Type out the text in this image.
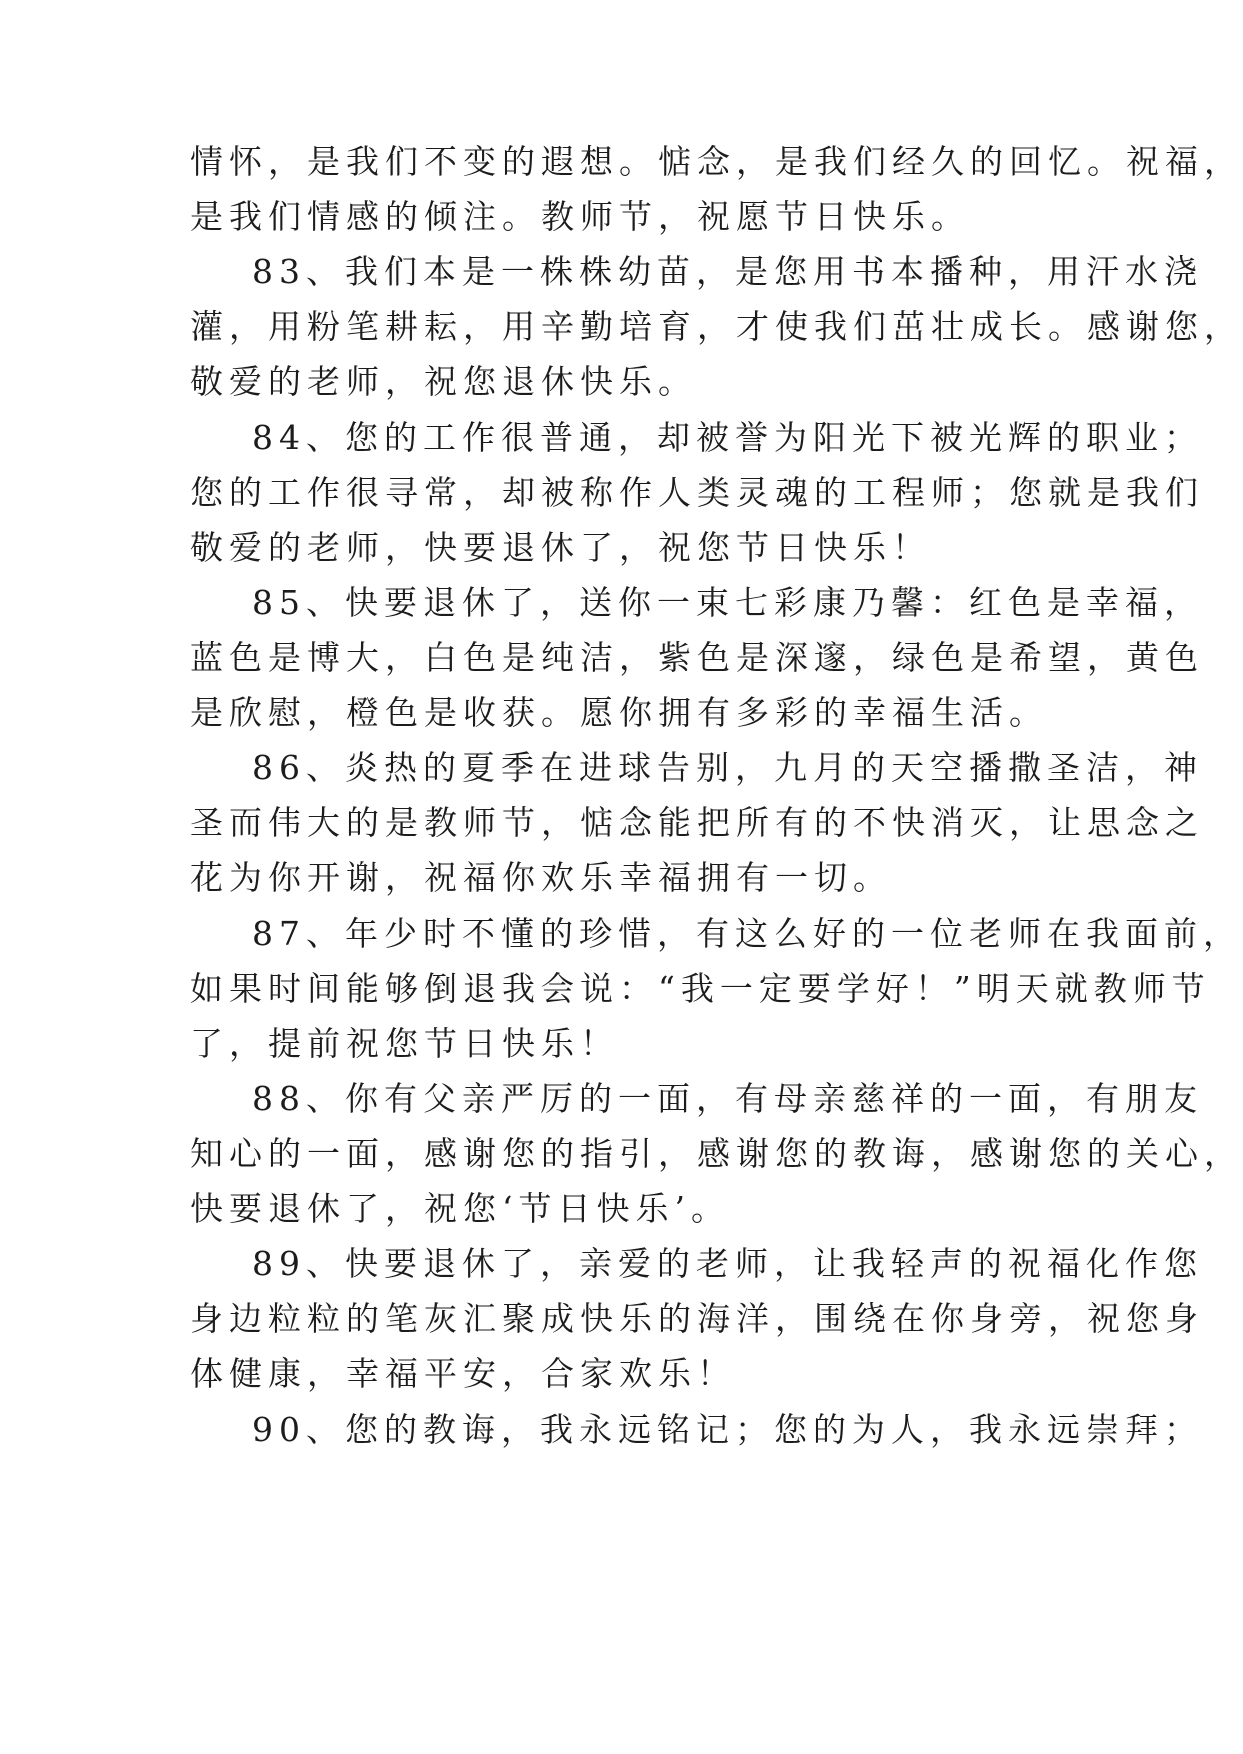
情怀，是我们不变的遐想。惦念，是我们经久的回忆。祝福，
是我们情感的倾注。教师节，祝愿节日快乐。
83、我们本是一株株幼苗，是您用书本播种，用汗水浇
灌，用粉笔耕耘，用辛勤培育，才使我们茁壮成长。感谢您，
敬爱的老师，祝您退休快乐。
84、您的工作很普通，却被誉为阳光下被光辉的职业；
您的工作很寻常，却被称作人类灵魂的工程师；您就是我们
敬爱的老师，快要退休了，祝您节日快乐！
85、快要退休了，送你一束七彩康乃馨：红色是幸福，
蓝色是博大，白色是纯洁，紫色是深邃，绿色是希望，黄色
是欣慰，橙色是收获。愿你拥有多彩的幸福生活。
86、炎热的夏季在进球告别，九月的天空播撒圣洁，神
圣而伟大的是教师节，惦念能把所有的不快消灭，让思念之
花为你开谢，祝福你欢乐幸福拥有一切。
87、年少时不懂的珍惜，有这么好的一位老师在我面前，
如果时间能够倒退我会说：“我一定要学好！”明天就教师节
了，提前祝您节日快乐！
88、你有父亲严厉的一面，有母亲慈祥的一面，有朋友
知心的一面，感谢您的指引，感谢您的教诲，感谢您的关心，
快要退休了，祝您‘节日快乐’。
89、快要退休了，亲爱的老师，让我轻声的祝福化作您
身边粒粒的笔灰汇聚成快乐的海洋，围绕在你身旁，祝您身
体健康，幸福平安，合家欢乐！
90、您的教诲，我永远铭记；您的为人，我永远崇拜；
